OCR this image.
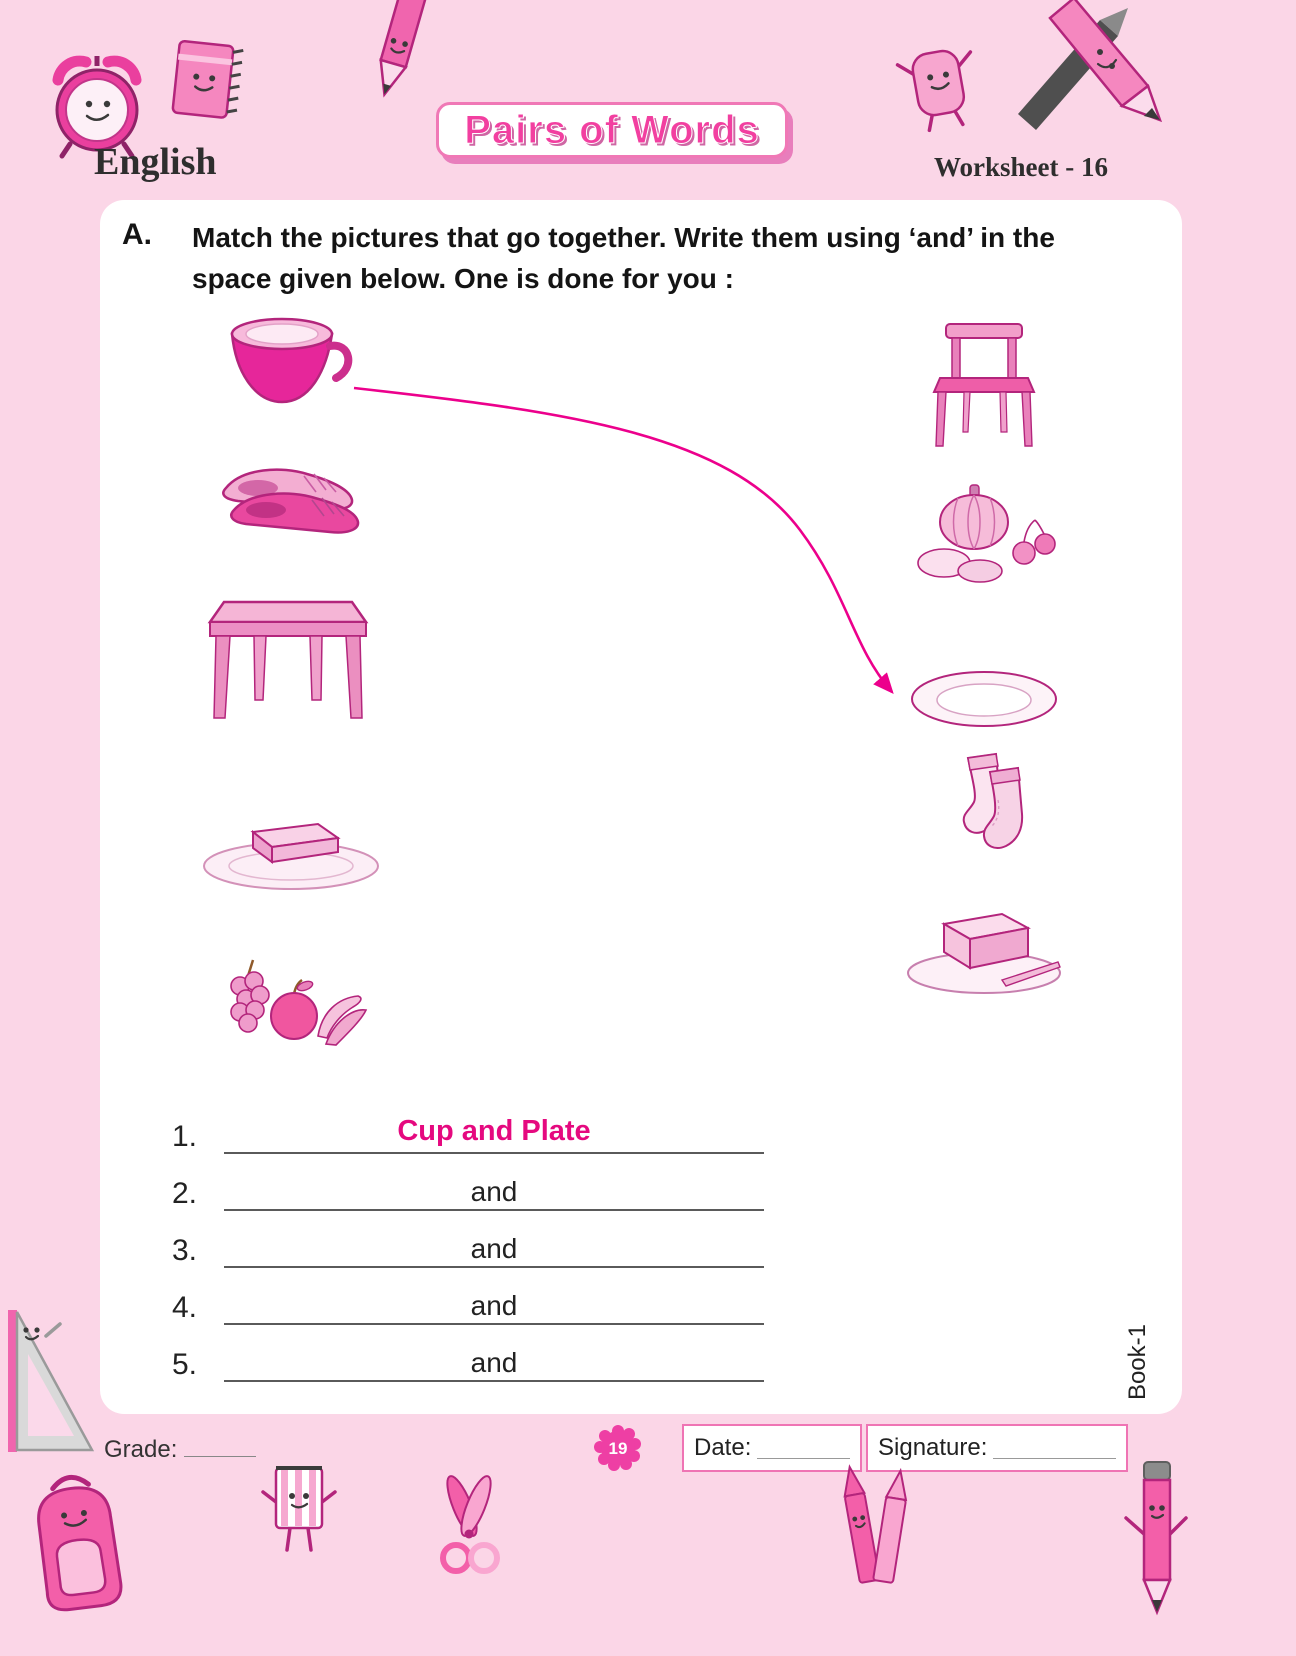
English
Pairs of Words
Worksheet - 16
A.	Match the pictures that go together. Write them using ‘and’ in the space given below. One is done for you :
1.	Cup and Plate
2.	and
3.	and
4.	and
5.	and	Book-1
Grade:	19	Date:	Signature:
